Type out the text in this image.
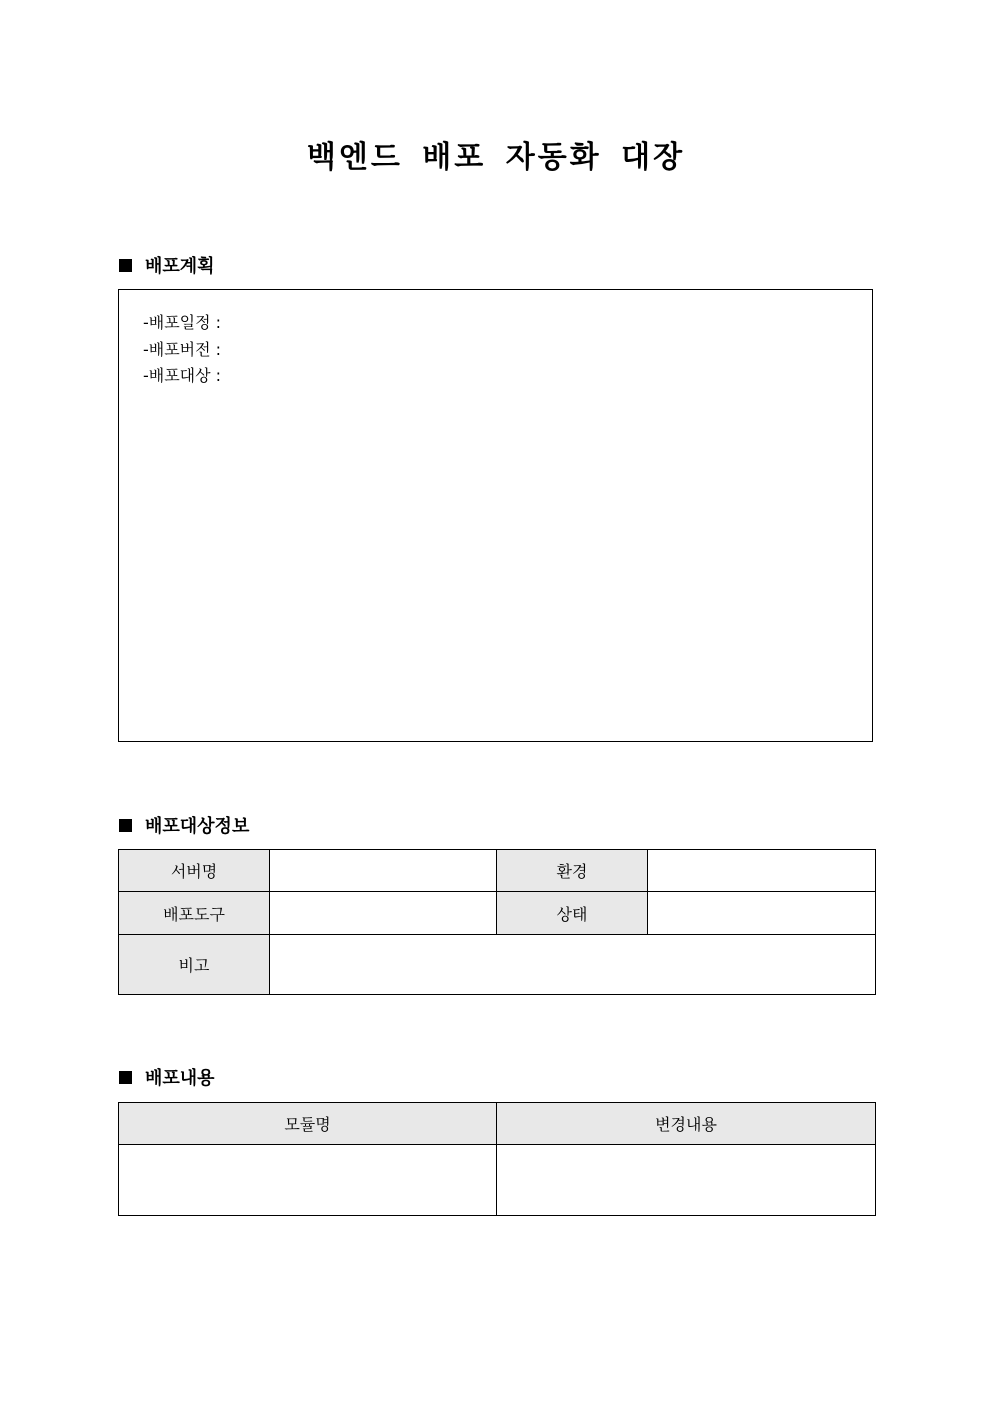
백엔드 배포 자동화 대장
배포계획
-배포일정 :
-배포버전 :
-배포대상 :
배포대상정보
서버명		환경	
배포도구		상태	
비고			
배포내용
모듈명	변경내용
